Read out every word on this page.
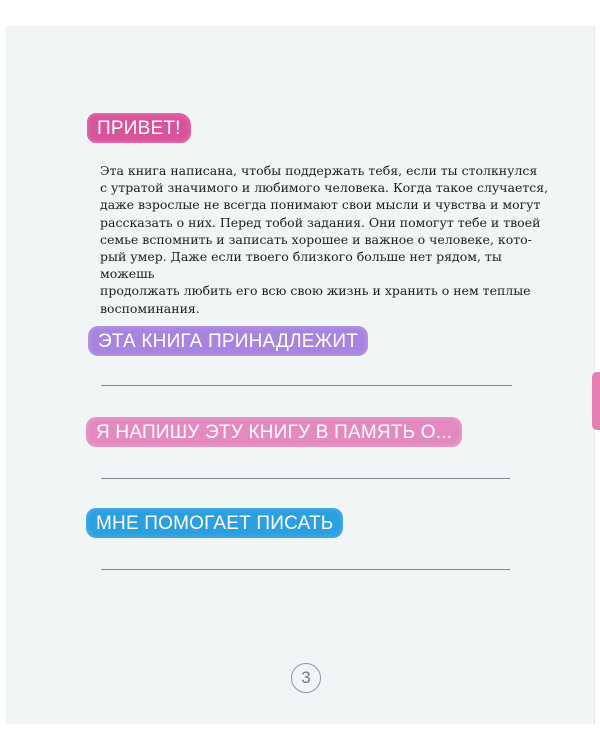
ПРИВЕТ!
Эта книга написана, чтобы поддержать тебя, если ты столкнулся
с утратой значимого и любимого человека. Когда такое случается,
даже взрослые не всегда понимают свои мысли и чувства и могут
рассказать о них. Перед тобой задания. Они помогут тебе и твоей
семье вспомнить и записать хорошее и важное о человеке, кото-
рый умер. Даже если твоего близкого больше нет рядом, ты можешь
продолжать любить его всю свою жизнь и хранить о нем теплые
воспоминания.
ЭТА КНИГА ПРИНАДЛЕЖИТ
Я НАПИШУ ЭТУ КНИГУ В ПАМЯТЬ О...
МНЕ ПОМОГАЕТ ПИСАТЬ
3
